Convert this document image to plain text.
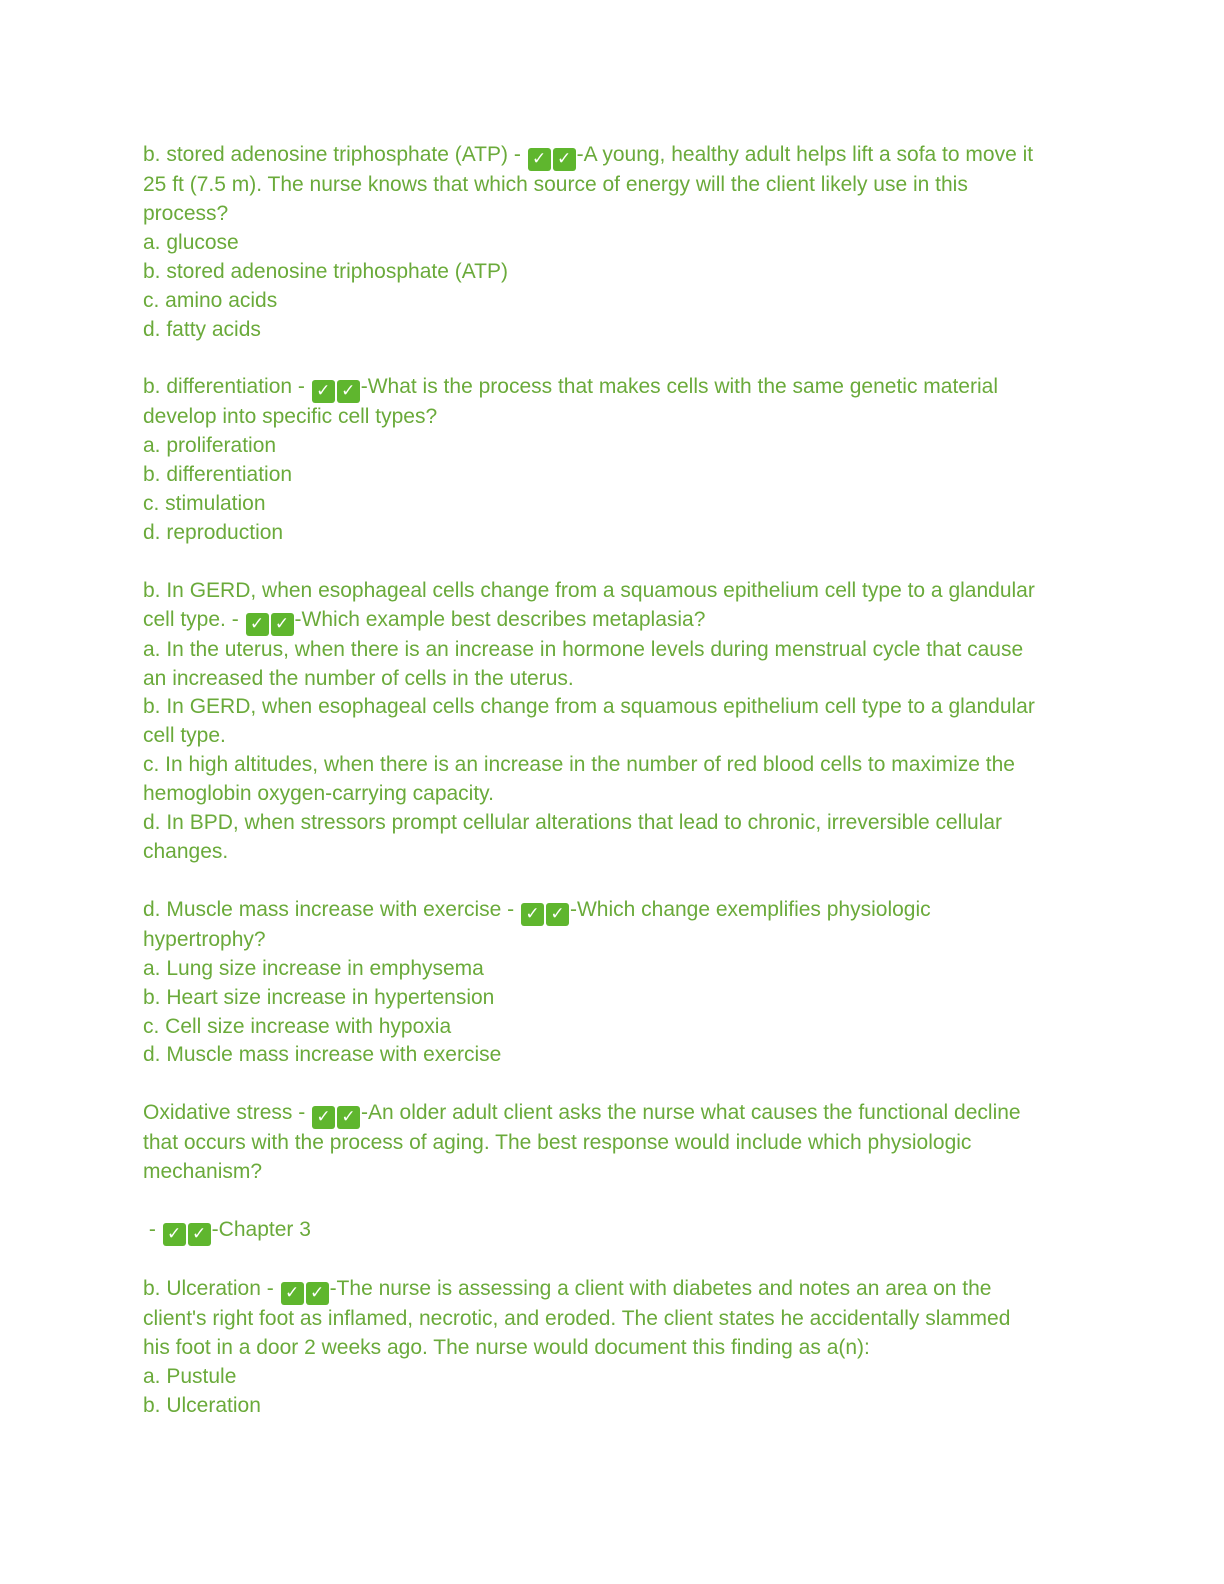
b. stored adenosine triphosphate (ATP) - ✓ ✓ -A young, healthy adult helps lift a sofa to move it
25 ft (7.5 m). The nurse knows that which source of energy will the client likely use in this
process?
a. glucose
b. stored adenosine triphosphate (ATP)
c. amino acids
d. fatty acids
b. differentiation - ✓ ✓ -What is the process that makes cells with the same genetic material
develop into specific cell types?
a. proliferation
b. differentiation
c. stimulation
d. reproduction
b. In GERD, when esophageal cells change from a squamous epithelium cell type to a glandular
cell type. - ✓ ✓ -Which example best describes metaplasia?
a. In the uterus, when there is an increase in hormone levels during menstrual cycle that cause
an increased the number of cells in the uterus.
b. In GERD, when esophageal cells change from a squamous epithelium cell type to a glandular
cell type.
c. In high altitudes, when there is an increase in the number of red blood cells to maximize the
hemoglobin oxygen-carrying capacity.
d. In BPD, when stressors prompt cellular alterations that lead to chronic, irreversible cellular
changes.
d. Muscle mass increase with exercise - ✓ ✓ -Which change exemplifies physiologic
hypertrophy?
a. Lung size increase in emphysema
b. Heart size increase in hypertension
c. Cell size increase with hypoxia
d. Muscle mass increase with exercise
Oxidative stress - ✓ ✓ -An older adult client asks the nurse what causes the functional decline
that occurs with the process of aging. The best response would include which physiologic
mechanism?
- ✓ ✓ -Chapter 3
b. Ulceration - ✓ ✓ -The nurse is assessing a client with diabetes and notes an area on the
client's right foot as inflamed, necrotic, and eroded. The client states he accidentally slammed
his foot in a door 2 weeks ago. The nurse would document this finding as a(n):
a. Pustule
b. Ulceration
